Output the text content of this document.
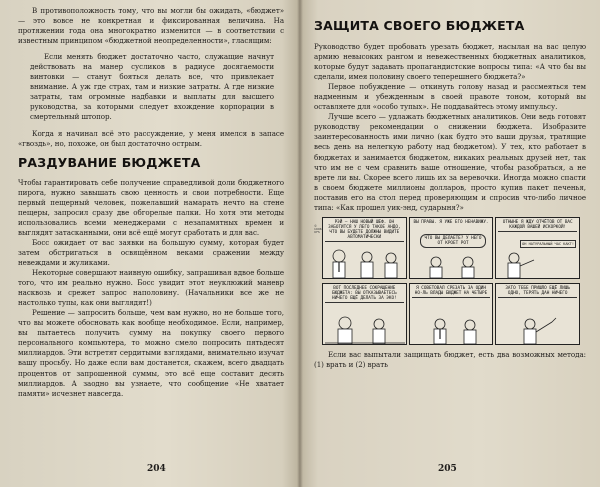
В противоположность тому, что вы могли бы ожидать, «бюджет» — это вовсе не конкретная и фиксированная величина. На протяжении года она многократно изменится — в соответствии с известным принципом «бюджетной неопределенности», гласящим:

Если менять бюджет достаточно часто, служащие начнут действовать на манер сусликов в радиусе досягаемости винтовки — станут бояться делать все, что привлекает внимание. А уж где страх, там и низкие затраты. А где низкие затраты, там огромные надбавки и выплаты для высшего руководства, за которыми следует вхождение корпорации в смертельный штопор.

Когда я начинал всё это рассуждение, у меня имелся в запасе «гвоздь», но, похоже, он был достаточно острым.

РАЗДУВАНИЕ БЮДЖЕТА

Чтобы гарантировать себе получение справедливой доли бюджетного пирога, нужно завышать свою ценность и свои потребности. Еще первый пещерный человек, пожелавший намарать нечто на стене пещеры, запросил сразу две обгорелые палки. Но хотя эти методы использовались всеми менеджерами с незапамятных времен и выглядят затасканными, они всё ещё могут сработать и для вас.

Босс ожидает от вас заявки на большую сумму, которая будет затем обстригаться в освящённом веками сражении между невеждами и жуликами.

Некоторые совершают наивную ошибку, запрашивая вдвое больше того, что им реально нужно. Босс увидит этот неуклюжий маневр насквозь и срежет запрос наполовину. (Начальники все же не настолько тупы, как они выглядят!)

Решение — запросить больше, чем вам нужно, но не больше того, что вы можете обосновать как вообще необходимое. Если, например, вы пытаетесь получить сумму на покупку своего первого персонального компьютера, то можно смело попросить пятьдесят миллиардов. Эти встретят сердитыми взглядами, внимательно изучат вашу просьбу. Но даже если вам достанется, скажем, всего двадцать процентов от запрошенной суммы, это всё еще составит десять миллиардов. А заодно вы узнаете, что сообщение «Не хватает памяти» исчезнет навсегда.

204
ЗАЩИТА СВОЕГО БЮДЖЕТА

Руководство будет пробовать урезать бюджет, насылая на вас целую армию невысоких рангом и невежественных бюджетных аналитиков, которые будут задавать пропагандистские вопросы типа: «А что бы вы сделали, имея половину своего теперешнего бюджета?»

Первое побуждение — откинуть голову назад и рассмеяться тем надменным и убежденным в своей правоте тоном, который вы оставляете для «особо тупых». Не поддавайтесь этому импульсу.

Лучше всего — удлажать бюджетных аналитиков. Они ведь готовят руководству рекомендации о снижении бюджета. Изобразите заинтересованность ими лично (как будто это ваши друзья, тратящие весь день на нелегкую работу над бюджетом). У тех, кто работает в бюджетах и занимается бюджетом, никаких реальных друзей нет, так что им не с чем сравнить ваше отношение, чтобы разобраться, а не врете ли вы. Скорее всего лишь их за веревочки. Иногда можно спасти в своем бюджете миллионы долларов, просто купив пакет печенья, поставив его на стол перед проверяющим и спросив что-либо личное типа: «Как прошел уик-энд, сударыня?»

© 1996 UFS
РЭЙ — НАШ НОВЫЙ ШЕФ. ОН ЗАБОТИТСЯ У ЛЕГО ТАКОЕ АНДО, ЧТО ВЫ БУДЕТЕ ДОЛЖНЫ ВИДИТЕ АВТОМАТИЧЕСКИ
ВЫ ПРАВЫ. Я УЖЕ ЕГО НЕНАВИЖУ.
ЧТО ВЫ ДЕЛАЕТЕ? У НЕГО ОТ КРОЕТ РОТ
ОТНЫНЕ Я ЖДУ ОТЧЁТОВ ОТ ВАС КАЖДОЙ ВАШЕЙ ИСКОРКОЙ!
ОН НАТУРАЛЬНЫЙ ЧАС КАКТ!
ВОТ ПОСЛЕДНЕЕ СОКРАЩЕНИЕ БЮДЖЕТА: ВЫ ОТКАЗЫВАЕТЕСЬ НИЧЕГО ЕЩЁ ДЕЛАТЬ ЗА ЭКО!
Я СОВЕТОВАЛ СРЕЗАТЬ ЗА ОДИН НО-ЛЬ ВЛАДЫ БЮДЖЕТ НА ЧЕТЫРЕ
ЗАТО ТЕБЕ ПРИШЛО ЕЩЁ ЛИШЬ ОДНО, ТЕРЯТЬ ДАН НИЧЕГО

Если вас выпытали защищать бюджет, есть два возможных метода: (1) врать и (2) врать

205
